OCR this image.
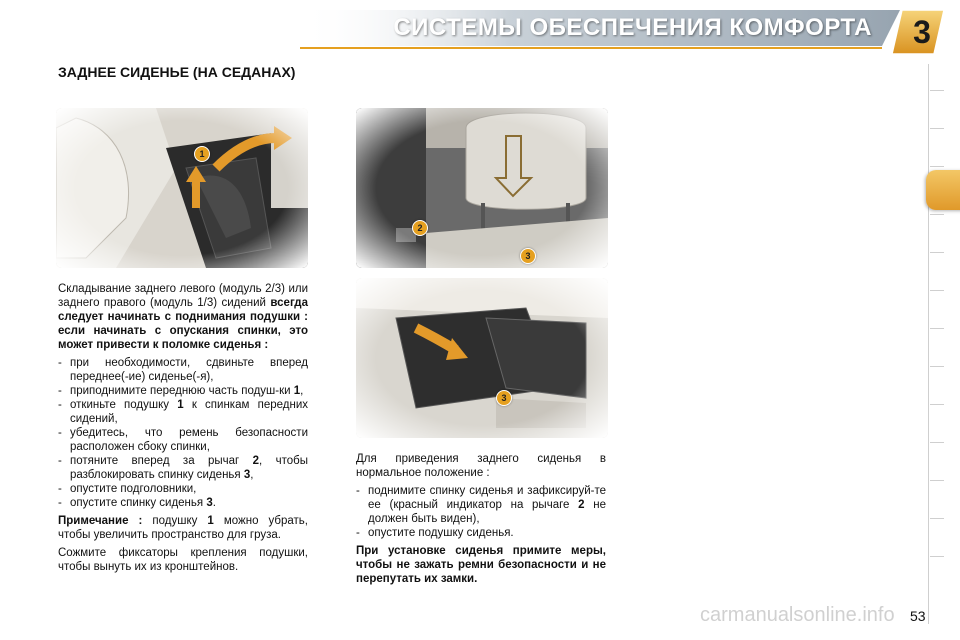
СИСТЕМЫ ОБЕСПЕЧЕНИЯ КОМФОРТА 3
ЗАДНЕЕ СИДЕНЬЕ (НА СЕДАНАХ)
1
2
3
3

Складывание заднего левого (модуль 2/3) или заднего правого (модуль 1/3) сидений всегда следует начинать с поднимания подушки : если начинать с опускания спинки, это может привести к поломке сиденья :

- при необходимости, сдвиньте вперед переднее(-ие) сиденье(-я),
- приподнимите переднюю часть подуш-ки 1,
- откиньте подушку 1 к спинкам передних сидений,
- убедитесь, что ремень безопасности расположен сбоку спинки,
- потяните вперед за рычаг 2, чтобы разблокировать спинку сиденья 3,
- опустите подголовники,
- опустите спинку сиденья 3.

Примечание : подушку 1 можно убрать, чтобы увеличить пространство для груза.

Сожмите фиксаторы крепления подушки, чтобы вынуть их из кронштейнов.

Для приведения заднего сиденья в нормальное положение :

- поднимите спинку сиденья и зафиксируй-те ее (красный индикатор на рычаге 2 не должен быть виден),
- опустите подушку сиденья.

При установке сиденья примите меры, чтобы не зажать ремни безопасности и не перепутать их замки.

carmanualsonline.info 53
